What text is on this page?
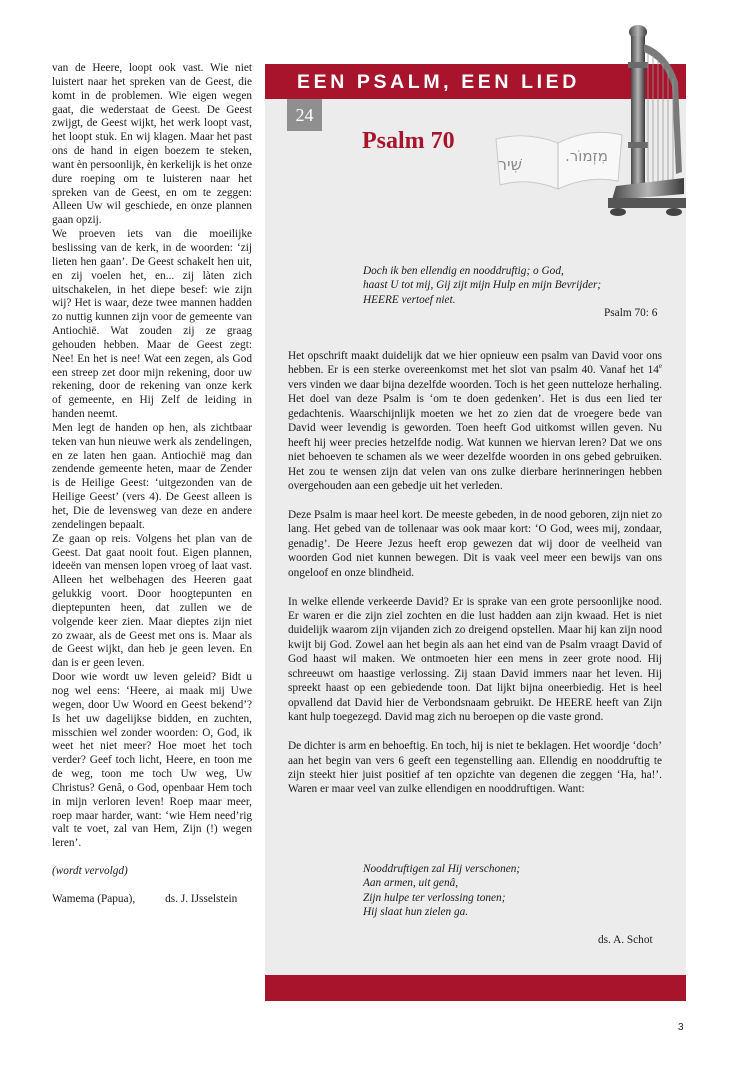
van de Heere, loopt ook vast. Wie niet luistert naar het spreken van de Geest, die komt in de problemen. Wie eigen wegen gaat, die wederstaat de Geest. De Geest zwijgt, de Geest wijkt, het werk loopt vast, het loopt stuk. En wij klagen. Maar het past ons de hand in eigen boezem te steken, want èn persoonlijk, èn kerkelijk is het onze dure roeping om te luisteren naar het spreken van de Geest, en om te zeggen: Alleen Uw wil geschiede, en onze plannen gaan opzij.

We proeven iets van die moeilijke beslissing van de kerk, in de woorden: ‘zij lieten hen gaan’. De Geest schakelt hen uit, en zij voelen het, en... zij làten zich uitschakelen, in het diepe besef: wie zijn wij? Het is waar, deze twee mannen hadden zo nuttig kunnen zijn voor de gemeente van Antiochië. Wat zouden zij ze graag gehouden hebben. Maar de Geest zegt: Nee! En het is nee! Wat een zegen, als God een streep zet door mijn rekening, door uw rekening, door de rekening van onze kerk of gemeente, en Hij Zelf de leiding in handen neemt.

Men legt de handen op hen, als zichtbaar teken van hun nieuwe werk als zendelingen, en ze laten hen gaan. Antiochië mag dan zendende gemeente heten, maar de Zender is de Heilige Geest: ‘uitgezonden van de Heilige Geest’ (vers 4). De Geest alleen is het, Die de levensweg van deze en andere zendelingen bepaalt.

Ze gaan op reis. Volgens het plan van de Geest. Dat gaat nooit fout. Eigen plannen, ideeën van mensen lopen vroeg of laat vast. Alleen het welbehagen des Heeren gaat gelukkig voort. Door hoogtepunten en dieptepunten heen, dat zullen we de volgende keer zien. Maar dieptes zijn niet zo zwaar, als de Geest met ons is. Maar als de Geest wijkt, dan heb je geen leven. En dan is er geen leven.

Door wie wordt uw leven geleid? Bidt u nog wel eens: ‘Heere, ai maak mij Uwe wegen, door Uw Woord en Geest bekend’? Is het uw dagelijkse bidden, en zuchten, misschien wel zonder woorden: O, God, ik weet het niet meer? Hoe moet het toch verder? Geef toch licht, Heere, en toon me de weg, toon me toch Uw weg, Uw Christus? Genâ, o God, openbaar Hem toch in mijn verloren leven! Roep maar meer, roep maar harder, want: ‘wie Hem need’rig valt te voet, zal van Hem, Zijn (!) wegen leren’.

(wordt vervolgd)

Wamema (Papua),	ds. J. IJsselstein

EEN PSALM, EEN LIED
24
Psalm 70
מִזְמוֹר.
שִׁיר

Doch ik ben ellendig en nooddruftig; o God,

haast U tot mij, Gij zijt mijn Hulp en mijn Bevrijder;

HEERE vertoef niet.

Psalm 70: 6

Het opschrift maakt duidelijk dat we hier opnieuw een psalm van David voor ons hebben. Er is een sterke overeenkomst met het slot van psalm 40. Vanaf het 14e vers vinden we daar bijna dezelfde woorden. Toch is het geen nutteloze herhaling. Het doel van deze Psalm is ‘om te doen gedenken’. Het is dus een lied ter gedachtenis. Waarschijnlijk moeten we het zo zien dat de vroegere bede van David weer levendig is geworden. Toen heeft God uitkomst willen geven. Nu heeft hij weer precies hetzelfde nodig. Wat kunnen we hiervan leren? Dat we ons niet behoeven te schamen als we weer dezelfde woorden in ons gebed gebruiken. Het zou te wensen zijn dat velen van ons zulke dierbare herinneringen hebben overgehouden aan een gebedje uit het verleden.

Deze Psalm is maar heel kort. De meeste gebeden, in de nood geboren, zijn niet zo lang. Het gebed van de tollenaar was ook maar kort: ‘O God, wees mij, zondaar, genadig’. De Heere Jezus heeft erop gewezen dat wij door de veelheid van woorden God niet kunnen bewegen. Dit is vaak veel meer een bewijs van ons ongeloof en onze blindheid.

In welke ellende verkeerde David? Er is sprake van een grote persoonlijke nood. Er waren er die zijn ziel zochten en die lust hadden aan zijn kwaad. Het is niet duidelijk waarom zijn vijanden zich zo dreigend opstellen. Maar hij kan zijn nood kwijt bij God. Zowel aan het begin als aan het eind van de Psalm vraagt David of God haast wil maken. We ontmoeten hier een mens in zeer grote nood. Hij schreeuwt om haastige verlossing. Zij staan David immers naar het leven. Hij spreekt haast op een gebiedende toon. Dat lijkt bijna oneerbiedig. Het is heel opvallend dat David hier de Verbondsnaam gebruikt. De HEERE heeft van Zijn kant hulp toegezegd. David mag zich nu beroepen op die vaste grond.

De dichter is arm en behoeftig. En toch, hij is niet te beklagen. Het woordje ‘doch’ aan het begin van vers 6 geeft een tegenstelling aan. Ellendig en nooddruftig te zijn steekt hier juist positief af ten opzichte van degenen die zeggen ‘Ha, ha!’. Waren er maar veel van zulke ellendigen en nooddruftigen. Want:

Nooddruftigen zal Hij verschonen;

Aan armen, uit genâ,

Zijn hulpe ter verlossing tonen;

Hij slaat hun zielen ga.

ds. A. Schot
3
